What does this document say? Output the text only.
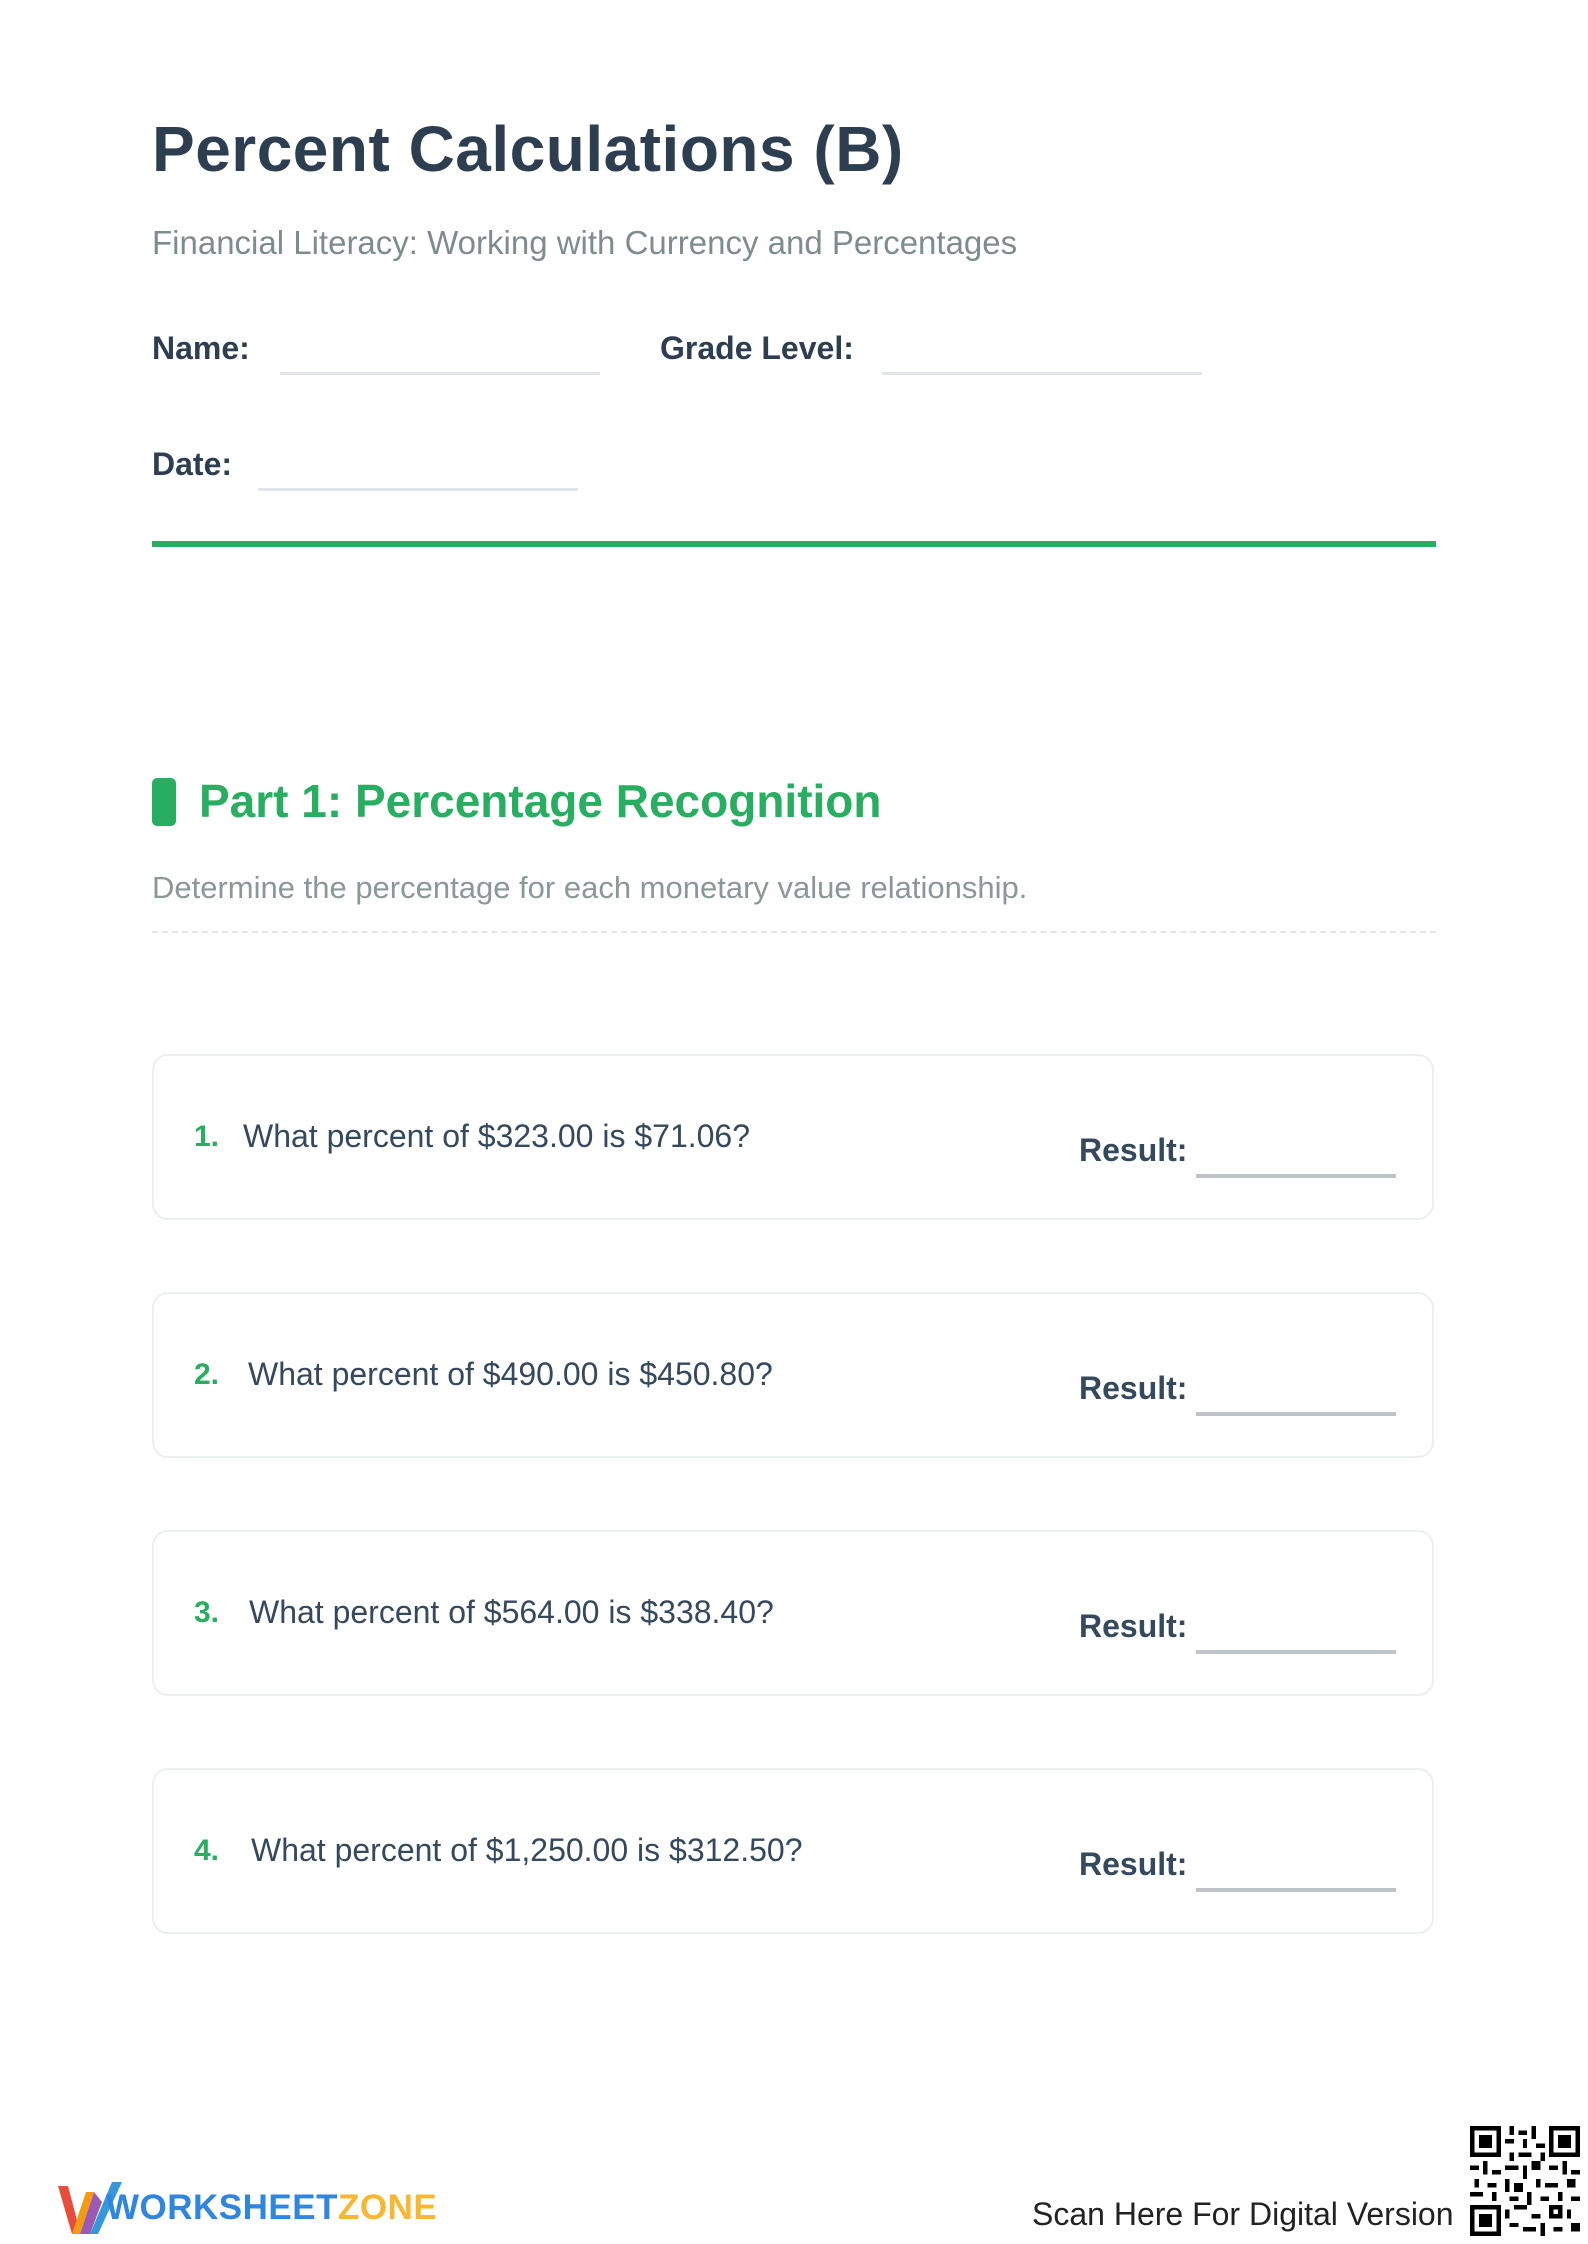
Percent Calculations (B)
Financial Literacy: Working with Currency and Percentages
Name:	Grade Level:
Date:
Part 1: Percentage Recognition
Determine the percentage for each monetary value relationship.
1. What percent of $323.00 is $71.06?	Result:
2. What percent of $490.00 is $450.80?	Result:
3. What percent of $564.00 is $338.40?	Result:
4. What percent of $1,250.00 is $312.50?	Result:
WORKSHEETZONE	Scan Here For Digital Version
